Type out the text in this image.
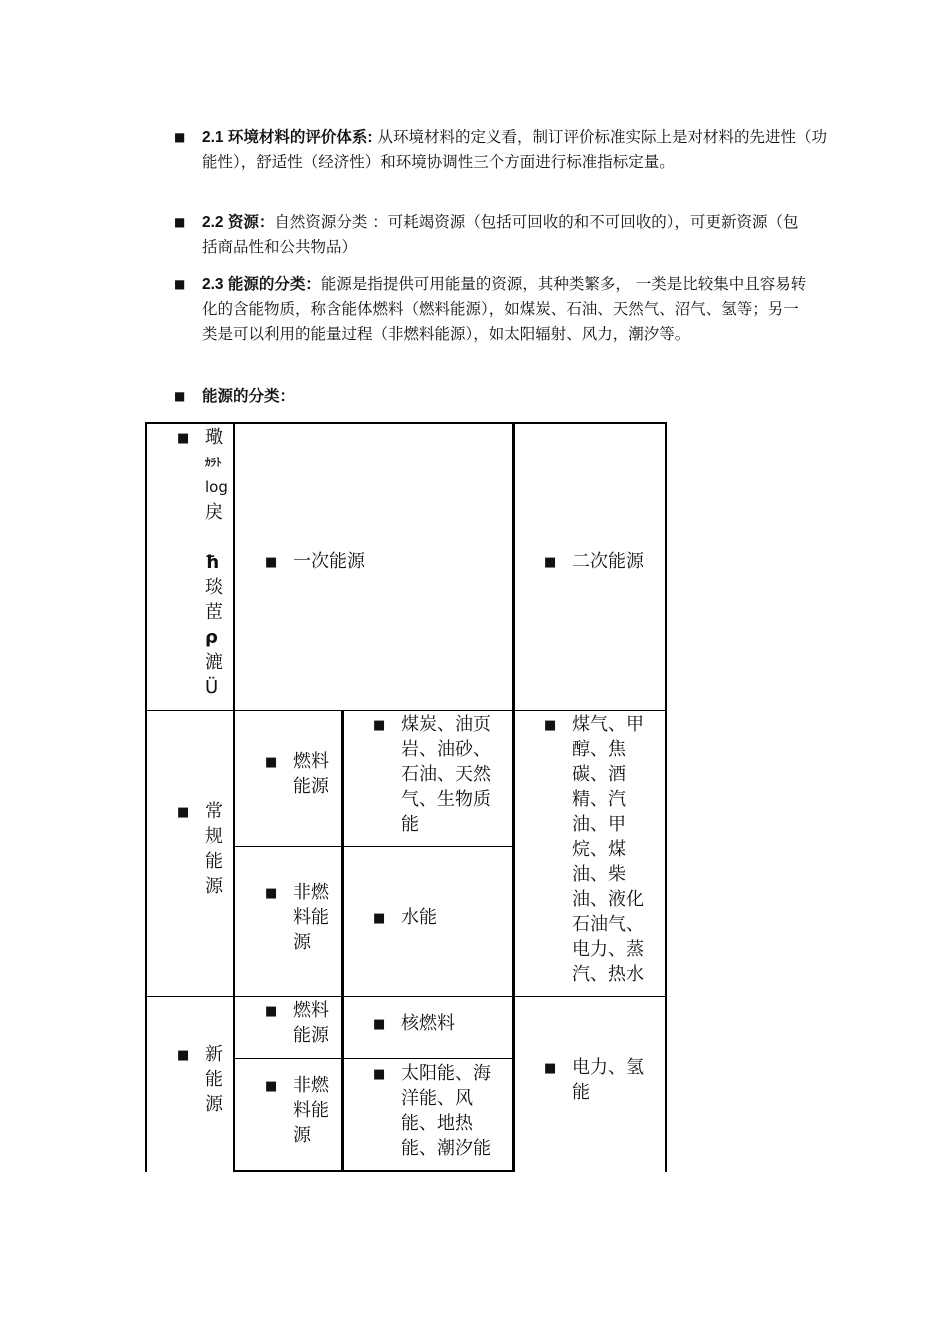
■ 2.1 环境材料的评价体系: 从环境材料的定义看，制订评价标准实际上是对材料的先进性（功能性），舒适性（经济性）和环境协调性三个方面进行标准指标定量。
■ 2.2 资源：自然资源分类 ：可耗竭资源（包括可回收的和不可回收的），可更新资源（包括商品性和公共物品）
■ 2.3 能源的分类：能源是指提供可用能量的资源，其种类繁多， 一类是比较集中且容易转化的含能物质，称含能体燃料（燃料能源），如煤炭、石油、天然气、沼气、氢等；另一类是可以利用的能量过程（非燃料能源），如太阳辐射、风力，潮汐等。
■ 能源的分类：
■ 璥
ｶﾗﾄ
log
戾
ħ
琰
茞
ρ
漉
Ü
■ 一次能源	■ 二次能源
■ 常规能源
■ 燃料能源
■ 煤炭、油页岩、油砂、石油、天然气、生物质能
■ 非燃料能源
■ 水能
■ 煤气、甲醇、焦碳、酒精、汽油、甲烷、煤油、柴油、液化石油气、电力、蒸汽、热水
■ 新能源
■ 燃料能源
■ 核燃料
■ 非燃料能源
■ 太阳能、海洋能、风能、地热能、潮汐能
■ 电力、氢能
